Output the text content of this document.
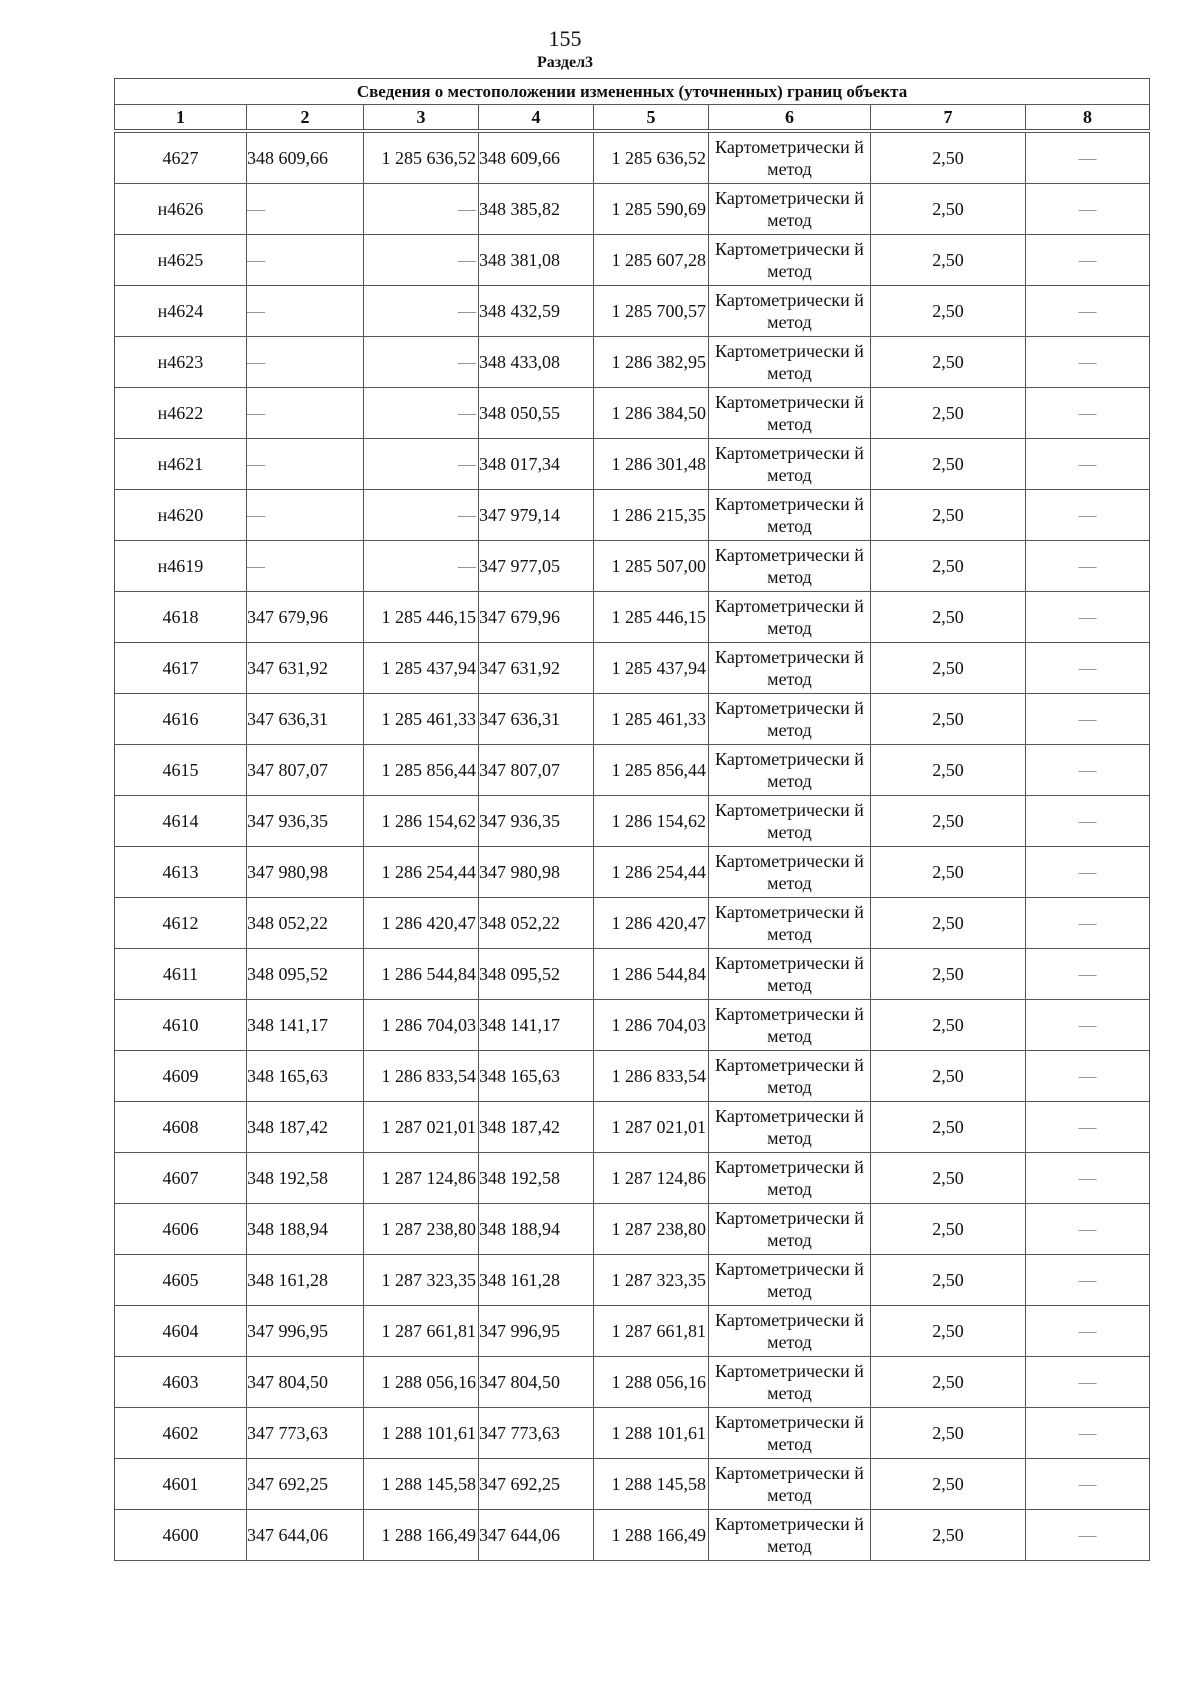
155
Раздел3
Сведения о местоположении измененных (уточненных) границ объекта							
1	2	3	4	5	6	7	8

4627	348 609,66	1 285 636,52	348 609,66	1 285 636,52	Картометрически й метод	2,50	—
н4626	—	—	348 385,82	1 285 590,69	Картометрически й метод	2,50	—
н4625	—	—	348 381,08	1 285 607,28	Картометрически й метод	2,50	—
н4624	—	—	348 432,59	1 285 700,57	Картометрически й метод	2,50	—
н4623	—	—	348 433,08	1 286 382,95	Картометрически й метод	2,50	—
н4622	—	—	348 050,55	1 286 384,50	Картометрически й метод	2,50	—
н4621	—	—	348 017,34	1 286 301,48	Картометрически й метод	2,50	—
н4620	—	—	347 979,14	1 286 215,35	Картометрически й метод	2,50	—
н4619	—	—	347 977,05	1 285 507,00	Картометрически й метод	2,50	—
4618	347 679,96	1 285 446,15	347 679,96	1 285 446,15	Картометрически й метод	2,50	—
4617	347 631,92	1 285 437,94	347 631,92	1 285 437,94	Картометрически й метод	2,50	—
4616	347 636,31	1 285 461,33	347 636,31	1 285 461,33	Картометрически й метод	2,50	—
4615	347 807,07	1 285 856,44	347 807,07	1 285 856,44	Картометрически й метод	2,50	—
4614	347 936,35	1 286 154,62	347 936,35	1 286 154,62	Картометрически й метод	2,50	—
4613	347 980,98	1 286 254,44	347 980,98	1 286 254,44	Картометрически й метод	2,50	—
4612	348 052,22	1 286 420,47	348 052,22	1 286 420,47	Картометрически й метод	2,50	—
4611	348 095,52	1 286 544,84	348 095,52	1 286 544,84	Картометрически й метод	2,50	—
4610	348 141,17	1 286 704,03	348 141,17	1 286 704,03	Картометрически й метод	2,50	—
4609	348 165,63	1 286 833,54	348 165,63	1 286 833,54	Картометрически й метод	2,50	—
4608	348 187,42	1 287 021,01	348 187,42	1 287 021,01	Картометрически й метод	2,50	—
4607	348 192,58	1 287 124,86	348 192,58	1 287 124,86	Картометрически й метод	2,50	—
4606	348 188,94	1 287 238,80	348 188,94	1 287 238,80	Картометрически й метод	2,50	—
4605	348 161,28	1 287 323,35	348 161,28	1 287 323,35	Картометрически й метод	2,50	—
4604	347 996,95	1 287 661,81	347 996,95	1 287 661,81	Картометрически й метод	2,50	—
4603	347 804,50	1 288 056,16	347 804,50	1 288 056,16	Картометрически й метод	2,50	—
4602	347 773,63	1 288 101,61	347 773,63	1 288 101,61	Картометрически й метод	2,50	—
4601	347 692,25	1 288 145,58	347 692,25	1 288 145,58	Картометрически й метод	2,50	—
4600	347 644,06	1 288 166,49	347 644,06	1 288 166,49	Картометрически й метод	2,50	—
